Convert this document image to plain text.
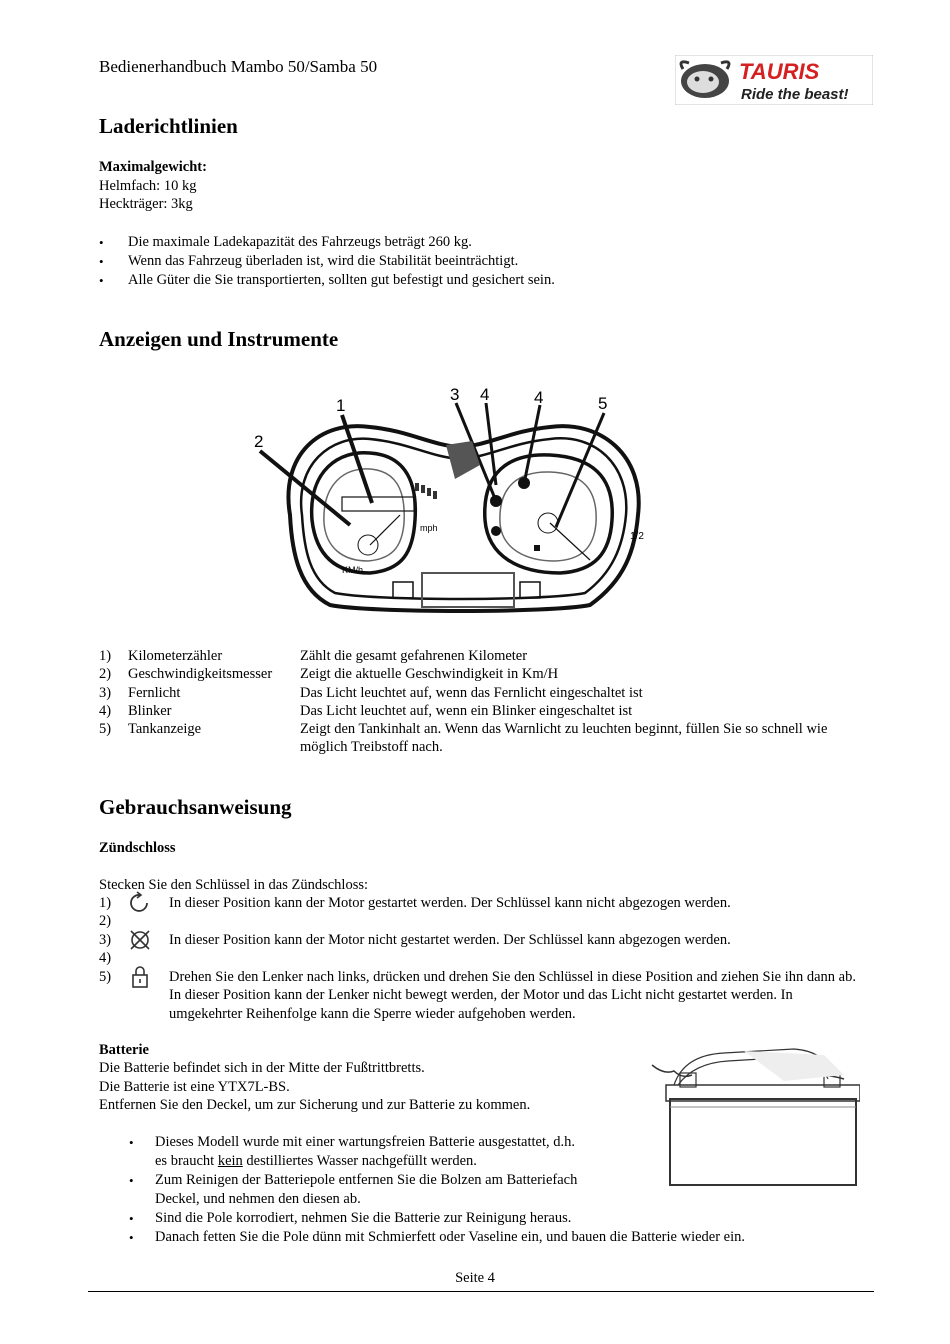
Bedienerhandbuch Mambo 50/Samba 50	TAURIS
Ride the beast!
Laderichtlinien
Maximalgewicht:
Helmfach: 10 kg
Heckträger: 3kg
• Die maximale Ladekapazität des Fahrzeugs beträgt 260 kg.
• Wenn das Fahrzeug überladen ist, wird die Stabilität beeinträchtigt.
• Alle Güter die Sie transportierten, sollten gut befestigt und gesichert sein.
Anzeigen und Instrumente
1
2
3 4	4	5
mph
KM/h
1/2
1)	Kilometerzähler	Zählt die gesamt gefahrenen Kilometer
2)	Geschwindigkeitsmesser	Zeigt die aktuelle Geschwindigkeit in Km/H
3)	Fernlicht	Das Licht leuchtet auf, wenn das Fernlicht eingeschaltet ist
4)	Blinker	Das Licht leuchtet auf, wenn ein Blinker eingeschaltet ist
5)	Tankanzeige	Zeigt den Tankinhalt an. Wenn das Warnlicht zu leuchten beginnt, füllen Sie so schnell wie möglich Treibstoff nach.
Gebrauchsanweisung
Zündschloss
Stecken Sie den Schlüssel in das Zündschloss:
1)	In dieser Position kann der Motor gestartet werden. Der Schlüssel kann nicht abgezogen werden.
2)
3)	In dieser Position kann der Motor nicht gestartet werden. Der Schlüssel kann abgezogen werden.
4)
5)	Drehen Sie den Lenker nach links, drücken und drehen Sie den Schlüssel in diese Position and ziehen Sie ihn dann ab. In dieser Position kann der Lenker nicht bewegt werden, der Motor und das Licht nicht gestartet werden. In umgekehrter Reihenfolge kann die Sperre wieder aufgehoben werden.
Batterie
Die Batterie befindet sich in der Mitte der Fußtrittbretts.
Die Batterie ist eine YTX7L-BS.
Entfernen Sie den Deckel, um zur Sicherung und zur Batterie zu kommen.
• Dieses Modell wurde mit einer wartungsfreien Batterie ausgestattet, d.h.
es braucht kein destilliertes Wasser nachgefüllt werden.
• Zum Reinigen der Batteriepole entfernen Sie die Bolzen am Batteriefach
Deckel, und nehmen den diesen ab.
• Sind die Pole korrodiert, nehmen Sie die Batterie zur Reinigung heraus.
• Danach fetten Sie die Pole dünn mit Schmierfett oder Vaseline ein, und bauen die Batterie wieder ein.
Seite 4
